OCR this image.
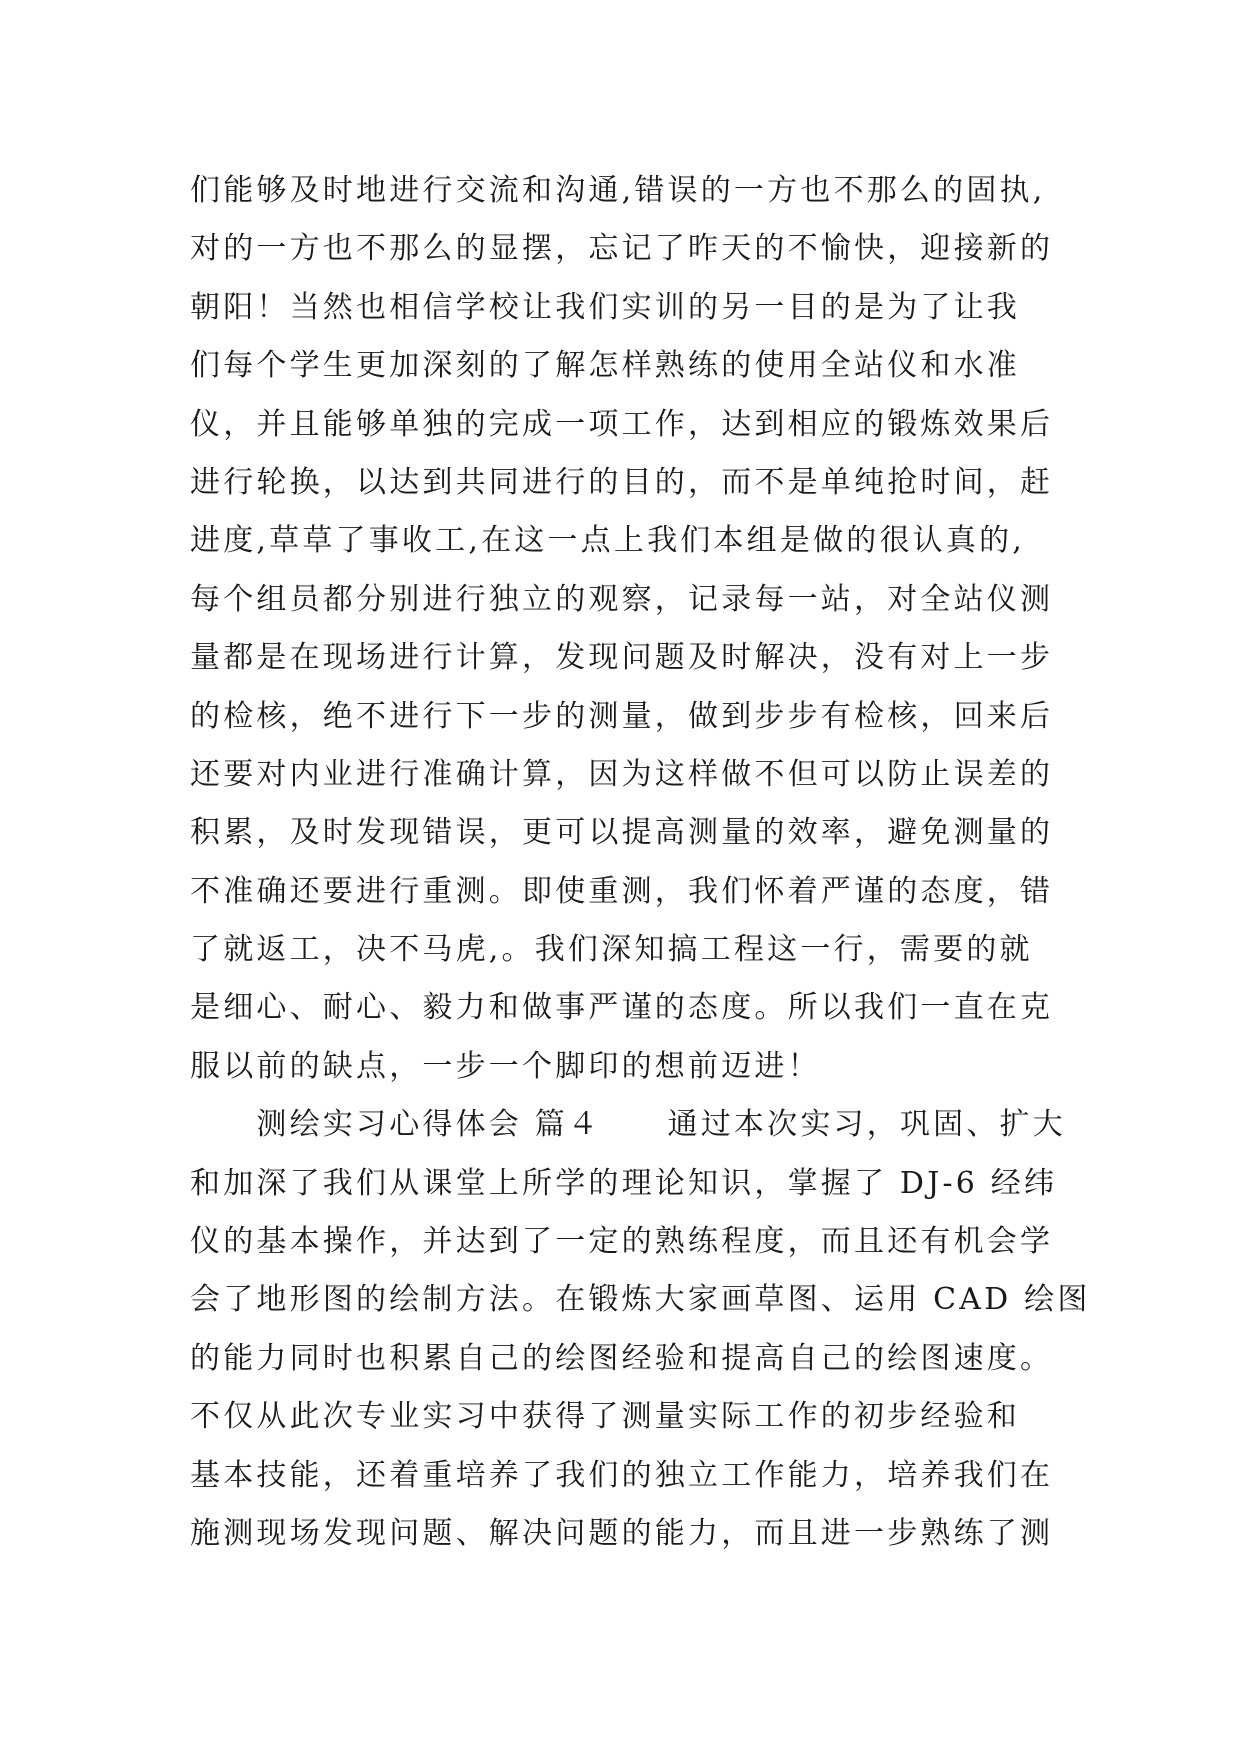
们能够及时地进行交流和沟通,错误的一方也不那么的固执,
对的一方也不那么的显摆，忘记了昨天的不愉快，迎接新的
朝阳！当然也相信学校让我们实训的另一目的是为了让我
们每个学生更加深刻的了解怎样熟练的使用全站仪和水准
仪，并且能够单独的完成一项工作，达到相应的锻炼效果后
进行轮换，以达到共同进行的目的，而不是单纯抢时间，赶
进度,草草了事收工,在这一点上我们本组是做的很认真的,
每个组员都分别进行独立的观察，记录每一站，对全站仪测
量都是在现场进行计算，发现问题及时解决，没有对上一步
的检核，绝不进行下一步的测量，做到步步有检核，回来后
还要对内业进行准确计算，因为这样做不但可以防止误差的
积累，及时发现错误，更可以提高测量的效率，避免测量的
不准确还要进行重测。即使重测，我们怀着严谨的态度，错
了就返工，决不马虎,。我们深知搞工程这一行，需要的就
是细心、耐心、毅力和做事严谨的态度。所以我们一直在克
服以前的缺点，一步一个脚印的想前迈进！
　　测绘实习心得体会 篇４　　通过本次实习，巩固、扩大
和加深了我们从课堂上所学的理论知识，掌握了 DJ-6 经纬
仪的基本操作，并达到了一定的熟练程度，而且还有机会学
会了地形图的绘制方法。在锻炼大家画草图、运用 CAD 绘图
的能力同时也积累自己的绘图经验和提高自己的绘图速度。
不仅从此次专业实习中获得了测量实际工作的初步经验和
基本技能，还着重培养了我们的独立工作能力，培养我们在
施测现场发现问题、解决问题的能力，而且进一步熟练了测
